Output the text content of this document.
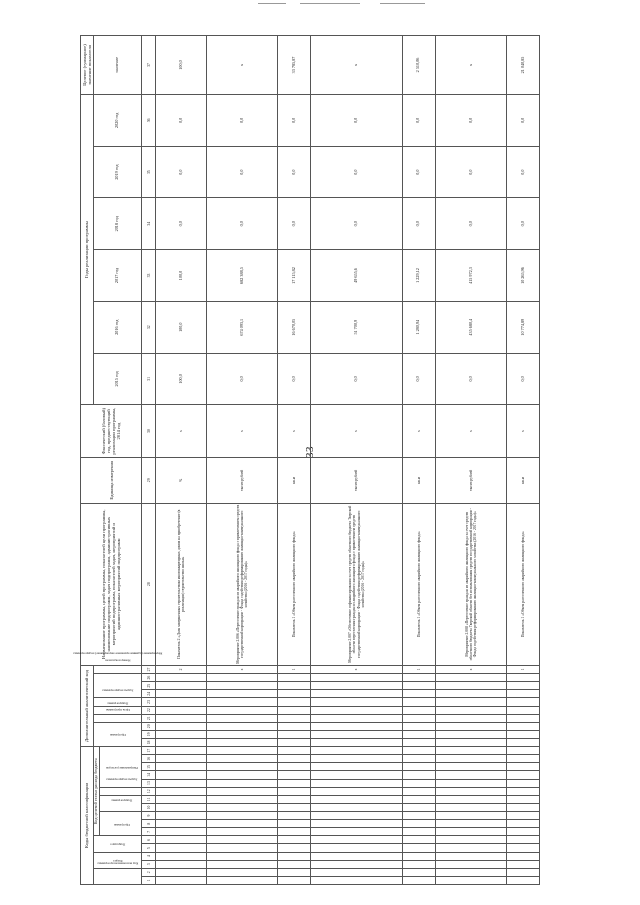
33
Коды бюджетной классификации																	Дополнительный аналитический код										Наименование программы, целей программы, показателей цели программы, наименование подпрограмм, задач подпрограмм, административных мероприятий подпрограмм, показателей задач, мероприятий и административных мероприятий подпрограмм	Единица измерения	Фактический (базовый) год, предшествующий реализации программы, 2014 год	Годы реализации программы						Целевое (суммарное) значение показателя
Код исполнителя программы		Раздел		Подраздел		Код целевой статьи расхода бюджета											Программа			Цель программы	Подпрограмма	Задача подпрограммы	Мероприятие (административное мероприятие) подпрограммы			Номер показателя				2015 год	2016 год	2017 год	2018 год	2019 год	2020 год	значение
						Программа			Подпрограмма		Задача подпрограммы	Направление расходов																								
1	2	3	4	5	6	7	8	9	10	11	12	13	14	15	16	17	18	19	20	21	22	23	24	25	26	27	28	29	30	31	32	33	34	35	36	37
																										2	Показатель 2 «Доля завершенных строительством многоквартирных домов на приобретение (в реализации) строительство жилья»	%	х	100,0	100,0	100,0	0,0	0,0	0,0	100,0
																										х	Мероприятие 2.006 «Переселение граждан из аварийного жилищного фонда с привлечением средств государственной корпорации - Фонда содействия реформированию жилищно-коммунального хозяйства (2016 - 2017 годы)»	тысяч рублей	х	0,0	674 093,1	682 388,5	0,0	0,0	0,0	х
																										1	Показатель 1 «Объем расселенного аварийного жилищного фонда»	кв.м	х	0,0	16 670,05	17 115,82	0,0	0,0	0,0	33 785,87
																										х	Мероприятие 2.007 «Обеспечение софинансирования за счет средств областного бюджета Тверской области переселения граждан из аварийного жилищного фонда с привлечением средств государственной корпорации - Фонда содействия реформированию жилищно-коммунального хозяйства (2016 - 2017 годы)»	тысяч рублей	х	0,0	51 700,9	49 655,6	0,0	0,0	0,0	х
																										1	Показатель 1 «Объем расселенного аварийного жилищного фонда»	кв.м	х	0,0	1 280,94	1 229,12	0,0	0,0	0,0	2 510,06
																										х	Мероприятие 2.008 «Переселение граждан из аварийного жилищного фонда за счет средств областного бюджета Тверской области без использования средств государственной корпорации - Фонда содействия реформированию жилищно-коммунального хозяйства (2016 - 2017 годы)»	тысяч рублей	х	0,0	435 680,4	415 972,3	0,0	0,0	0,0	х
																										1	Показатель 1 «Объем расселенного аварийного жилищного фонда»	кв.м	х	0,0	10 774,89	10 265,96	0,0	0,0	0,0	21 040,85
